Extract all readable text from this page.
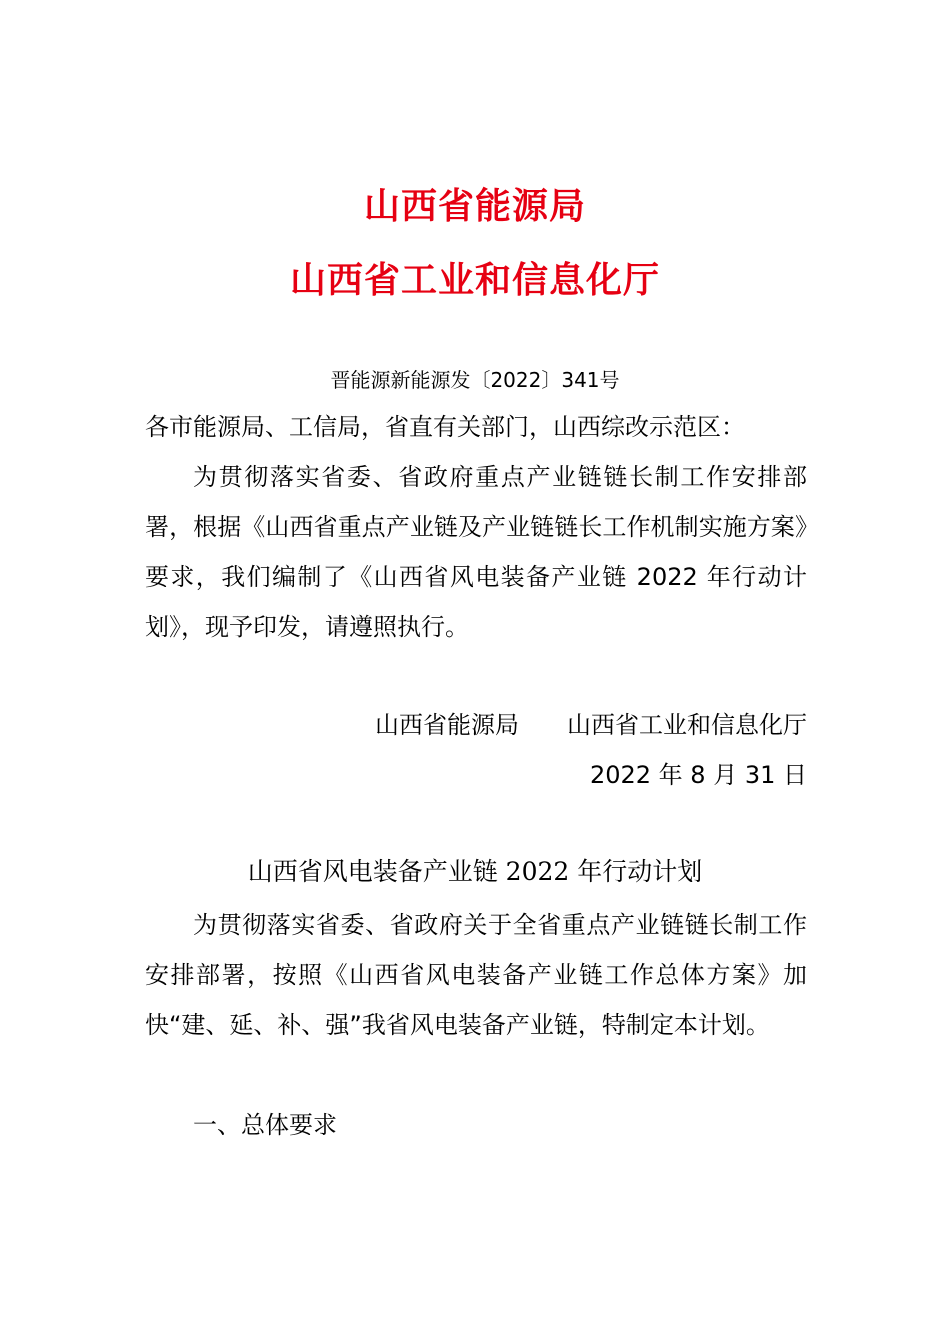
山西省能源局
山西省工业和信息化厅
晋能源新能源发〔2022〕341号
各市能源局、工信局，省直有关部门，山西综改示范区：

为贯彻落实省委、省政府重点产业链链长制工作安排部署，根据《山西省重点产业链及产业链链长工作机制实施方案》要求，我们编制了《山西省风电装备产业链 2022 年行动计划》，现予印发，请遵照执行。

山西省能源局 山西省工业和信息化厅
2022 年 8 月 31 日
山西省风电装备产业链 2022 年行动计划

为贯彻落实省委、省政府关于全省重点产业链链长制工作安排部署，按照《山西省风电装备产业链工作总体方案》加快“建、延、补、强”我省风电装备产业链，特制定本计划。

一、总体要求
